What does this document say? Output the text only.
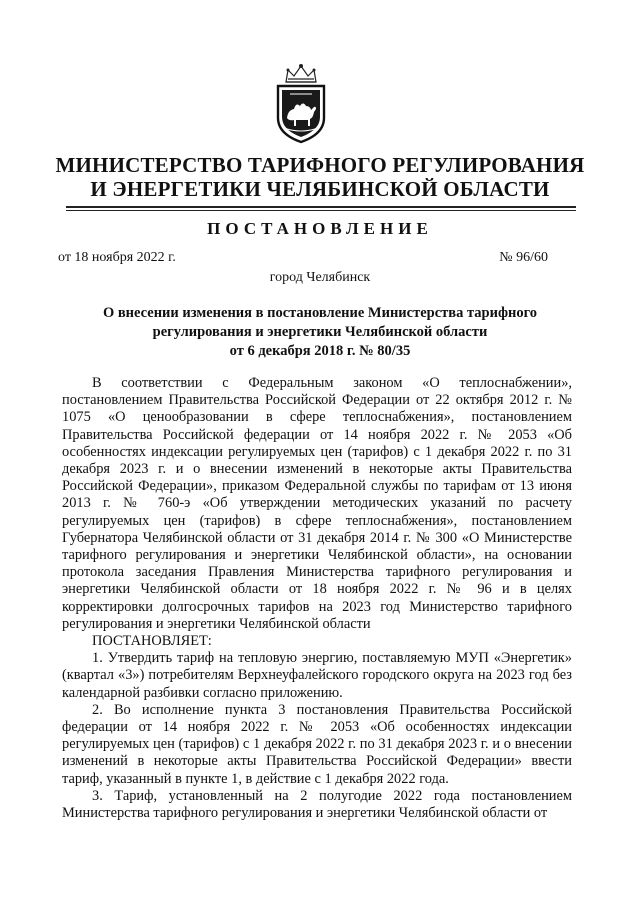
МИНИСТЕРСТВО ТАРИФНОГО РЕГУЛИРОВАНИЯ
И ЭНЕРГЕТИКИ ЧЕЛЯБИНСКОЙ ОБЛАСТИ
ПОСТАНОВЛЕНИЕ
от 18 ноября 2022 г.	№ 96/60
город Челябинск
О внесении изменения в постановление Министерства тарифного
регулирования и энергетики Челябинской области
от 6 декабря 2018 г. № 80/35

В соответствии с Федеральным законом «О теплоснабжении», постановлением Правительства Российской Федерации от 22 октября 2012 г. № 1075 «О ценообразовании в сфере теплоснабжения», постановлением Правительства Российской федерации от 14 ноября 2022 г. № 2053 «Об особенностях индексации регулируемых цен (тарифов) с 1 декабря 2022 г. по 31 декабря 2023 г. и о внесении изменений в некоторые акты Правительства Российской Федерации», приказом Федеральной службы по тарифам от 13 июня 2013 г. № 760-э «Об утверждении методических указаний по расчету регулируемых цен (тарифов) в сфере теплоснабжения», постановлением Губернатора Челябинской области от 31 декабря 2014 г. № 300 «О Министерстве тарифного регулирования и энергетики Челябинской области», на основании протокола заседания Правления Министерства тарифного регулирования и энергетики Челябинской области от 18 ноября 2022 г. № 96 и в целях корректировки долгосрочных тарифов на 2023 год Министерство тарифного регулирования и энергетики Челябинской области

ПОСТАНОВЛЯЕТ:

1. Утвердить тариф на тепловую энергию, поставляемую МУП «Энергетик» (квартал «3») потребителям Верхнеуфалейского городского округа на 2023 год без календарной разбивки согласно приложению.

2. Во исполнение пункта 3 постановления Правительства Российской федерации от 14 ноября 2022 г. № 2053 «Об особенностях индексации регулируемых цен (тарифов) с 1 декабря 2022 г. по 31 декабря 2023 г. и о внесении изменений в некоторые акты Правительства Российской Федерации» ввести тариф, указанный в пункте 1, в действие с 1 декабря 2022 года.

3. Тариф, установленный на 2 полугодие 2022 года постановлением Министерства тарифного регулирования и энергетики Челябинской области от
